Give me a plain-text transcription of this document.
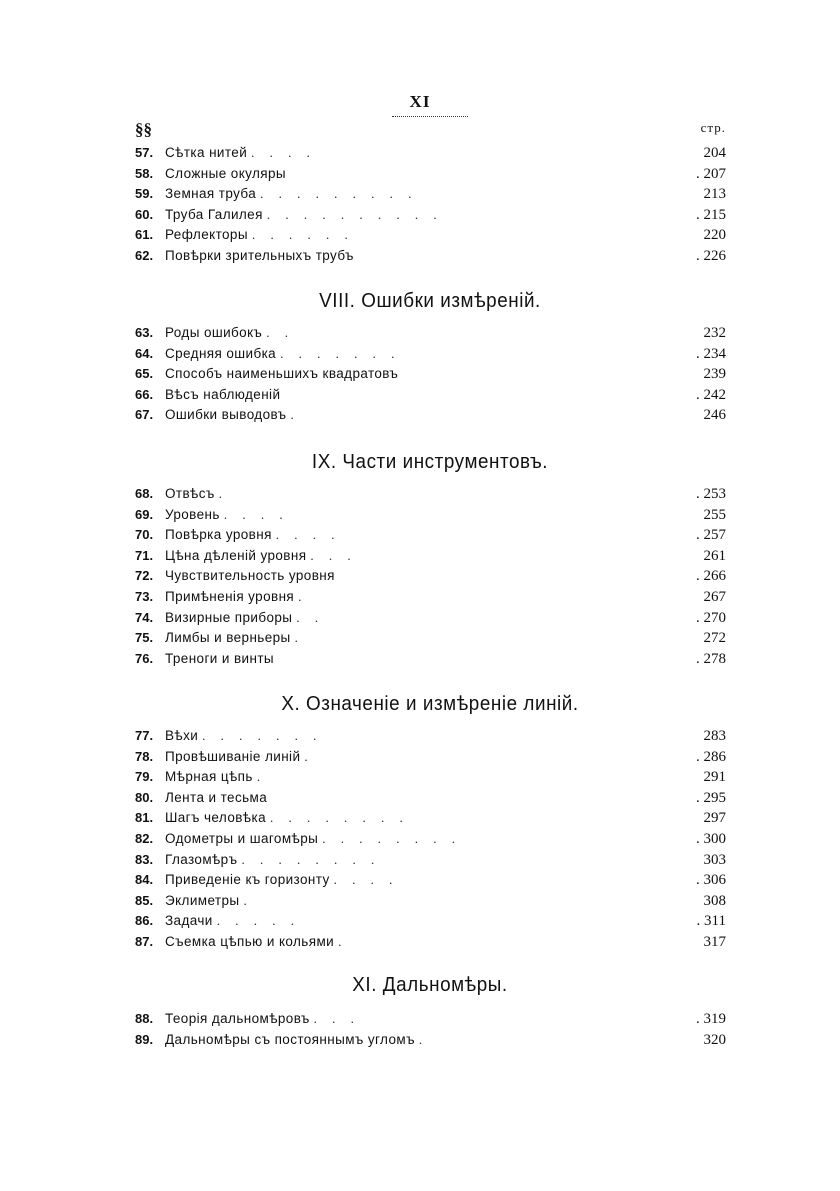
XI
§§	стр.
57. Сѣтка нитей . . . .	204
58. Сложные окуляры	. 207
59. Земная труба . . . . . . . . .	213
60. Труба Галилея . . . . . . . . . .	. 215
61. Рефлекторы . . . . . .	220
62. Повѣрки зрительныхъ трубъ	. 226
VIII. Ошибки измѣреній.
63. Роды ошибокъ . .	232
64. Средняя ошибка . . . . . . .	. 234
65. Способъ наименьшихъ квадратовъ	239
66. Вѣсъ наблюденій	. 242
67. Ошибки выводовъ .	246
IX. Части инструментовъ.
68. Отвѣсъ .	. 253
69. Уровень . . . .	255
70. Повѣрка уровня . . . .	. 257
71. Цѣна дѣленій уровня . . .	261
72. Чувствительность уровня	. 266
73. Примѣненія уровня .	267
74. Визирные приборы . .	. 270
75. Лимбы и верньеры .	272
76. Треноги и винты	. 278
X. Означеніе и измѣреніе линій.
77. Вѣхи . . . . . . .	283
78. Провѣшиваніе линій .	. 286
79. Мѣрная цѣпь .	291
80. Лента и тесьма	. 295
81. Шагъ человѣка . . . . . . . .	297
82. Одометры и шагомѣры . . . . . . . .	. 300
83. Глазомѣръ . . . . . . . .	303
84. Приведеніе къ горизонту . . . .	. 306
85. Эклиметры .	308
86. Задачи . . . . .	. 311
87. Съемка цѣпью и кольями .	317
XI. Дальномѣры.
88. Теорія дальномѣровъ . . .	. 319
89. Дальномѣры съ постояннымъ угломъ .	320
